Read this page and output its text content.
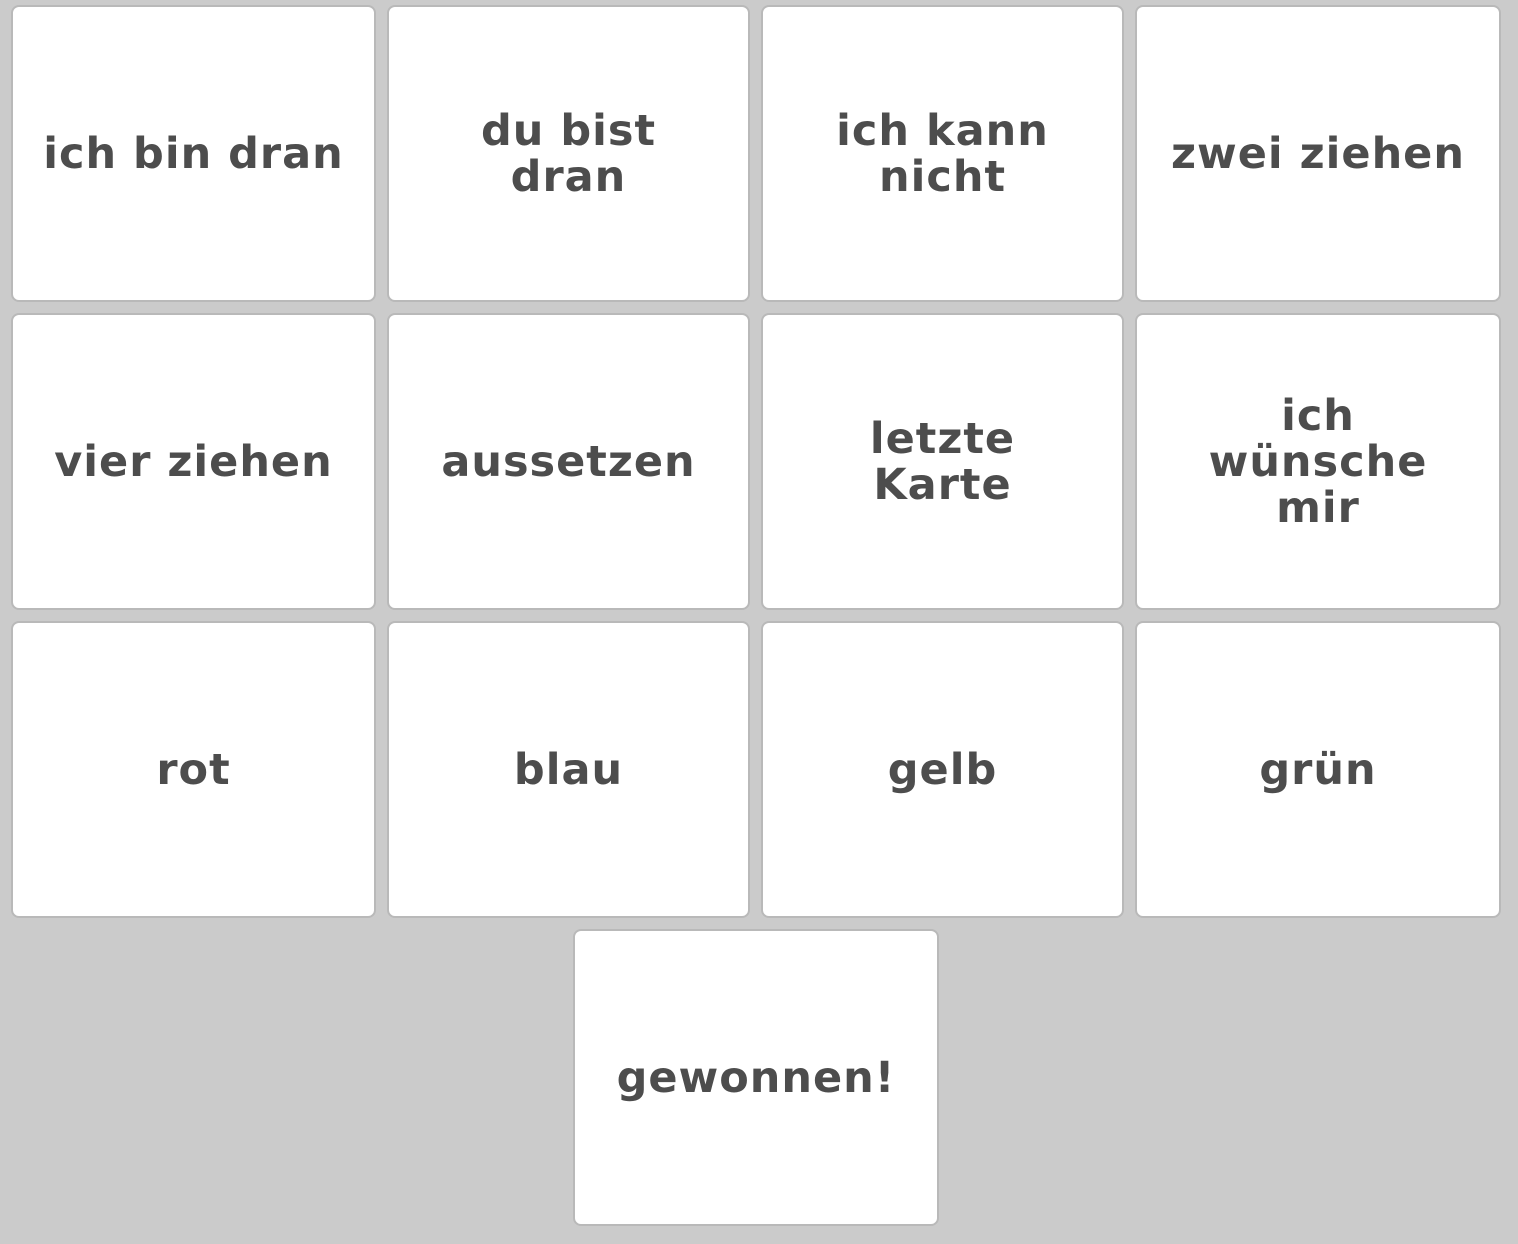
ich bin dran	du bist
dran
ich kann
nicht	zwei ziehen
vier ziehen	aussetzen	letzte
Karte
ich
wünsche
mir
rot	blau	gelb	grün
gewonnen!
